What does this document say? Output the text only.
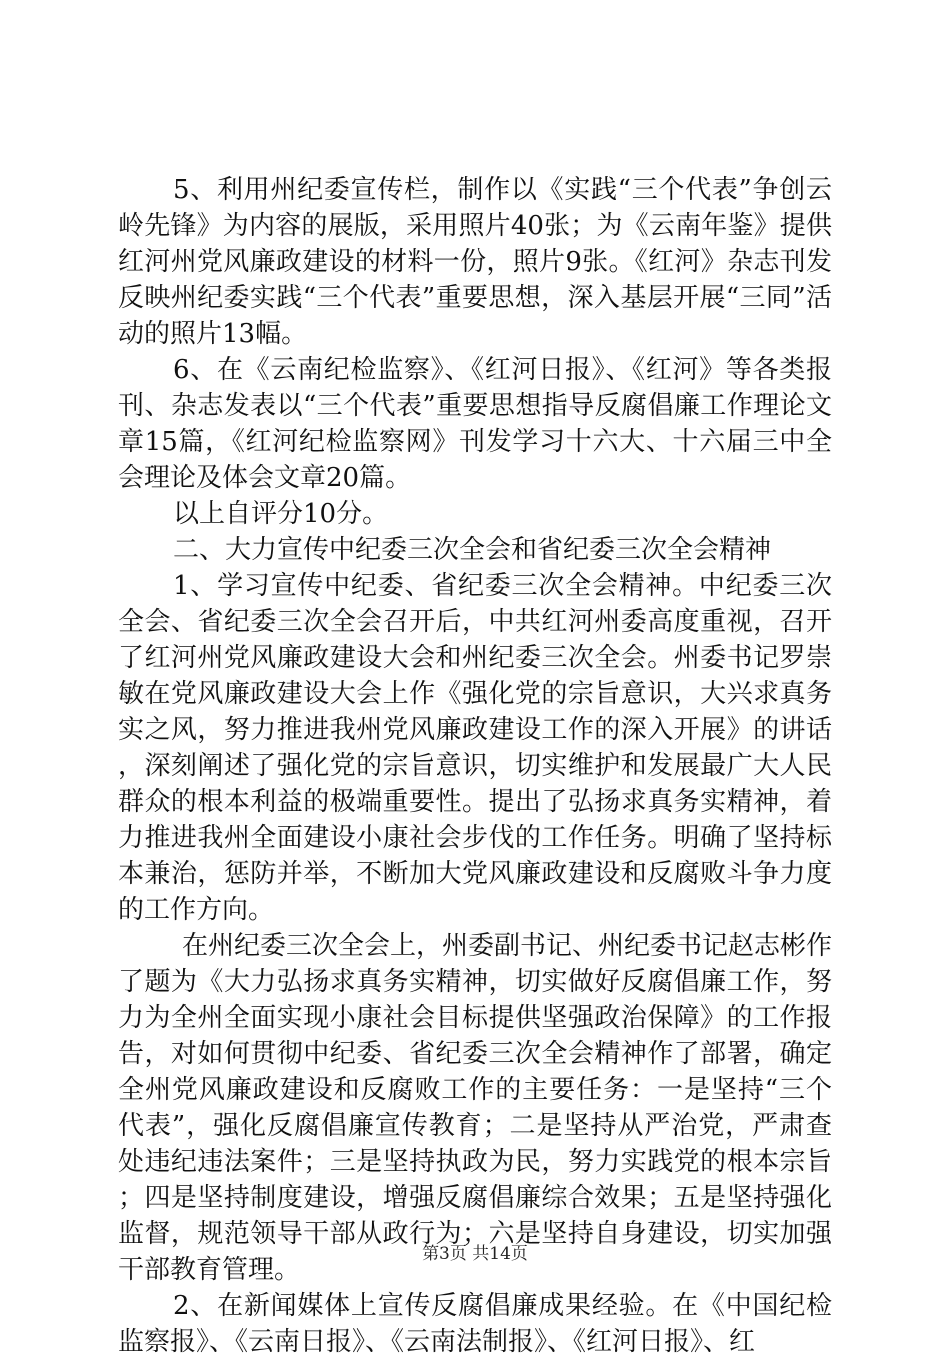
5、利用州纪委宣传栏，制作以《实践“三个代表”争创云岭先锋》为内容的展版，采用照片40张；为《云南年鉴》提供红河州党风廉政建设的材料一份，照片9张。《红河》杂志刊发反映州纪委实践“三个代表”重要思想，深入基层开展“三同”活动的照片13幅。

6、在《云南纪检监察》、《红河日报》、《红河》等各类报刊、杂志发表以“三个代表”重要思想指导反腐倡廉工作理论文章15篇，《红河纪检监察网》刊发学习十六大、十六届三中全会理论及体会文章20篇。

以上自评分10分。

二、大力宣传中纪委三次全会和省纪委三次全会精神

1、学习宣传中纪委、省纪委三次全会精神。中纪委三次全会、省纪委三次全会召开后，中共红河州委高度重视，召开了红河州党风廉政建设大会和州纪委三次全会。州委书记罗崇敏在党风廉政建设大会上作《强化党的宗旨意识，大兴求真务实之风，努力推进我州党风廉政建设工作的深入开展》的讲话，深刻阐述了强化党的宗旨意识，切实维护和发展最广大人民群众的根本利益的极端重要性。提出了弘扬求真务实精神，着力推进我州全面建设小康社会步伐的工作任务。明确了坚持标本兼治，惩防并举，不断加大党风廉政建设和反腐败斗争力度的工作方向。

在州纪委三次全会上，州委副书记、州纪委书记赵志彬作了题为《大力弘扬求真务实精神，切实做好反腐倡廉工作，努力为全州全面实现小康社会目标提供坚强政治保障》的工作报告，对如何贯彻中纪委、省纪委三次全会精神作了部署，确定全州党风廉政建设和反腐败工作的主要任务：一是坚持“三个代表”，强化反腐倡廉宣传教育；二是坚持从严治党，严肃查处违纪违法案件；三是坚持执政为民，努力实践党的根本宗旨；四是坚持制度建设，增强反腐倡廉综合效果；五是坚持强化监督，规范领导干部从政行为；六是坚持自身建设，切实加强干部教育管理。

2、在新闻媒体上宣传反腐倡廉成果经验。在《中国纪检监察报》、《云南日报》、《云南法制报》、《红河日报》、红

第3页 共14页
